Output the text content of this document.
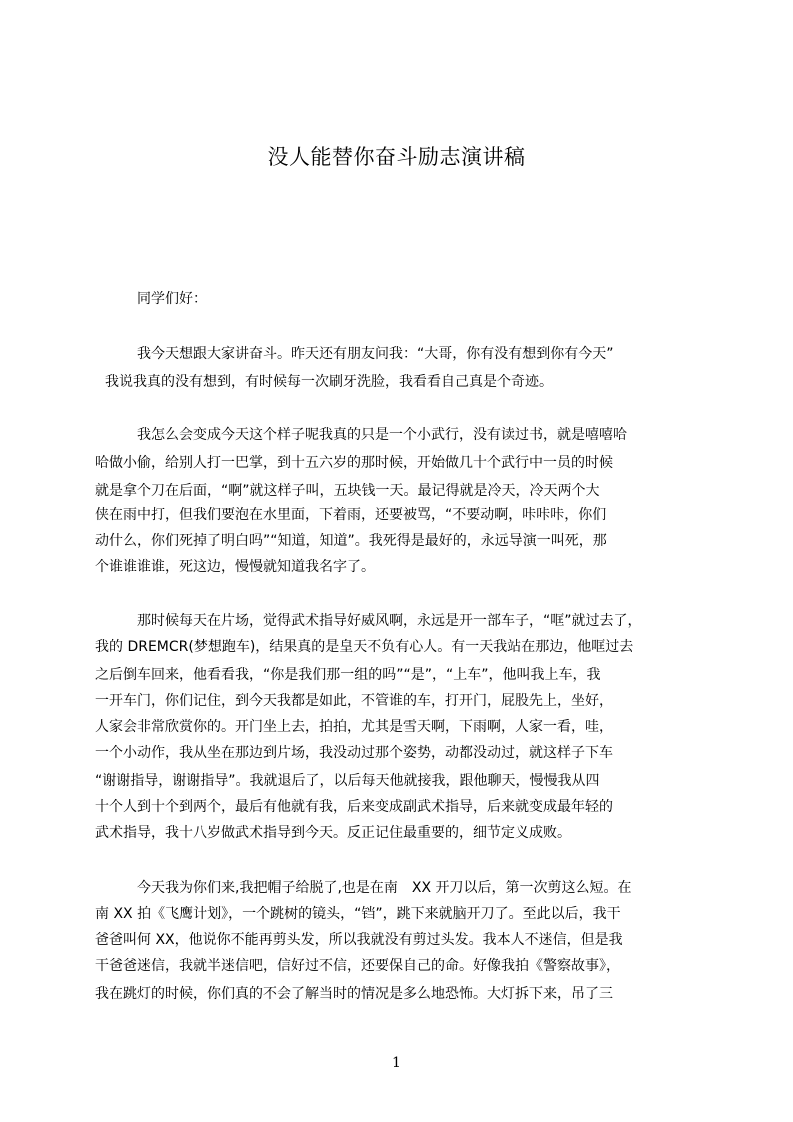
没人能替你奋斗励志演讲稿
同学们好：
我今天想跟大家讲奋斗。昨天还有朋友问我：“大哥，你有没有想到你有今天”
我说我真的没有想到，有时候每一次刷牙洗脸，我看看自己真是个奇迹。
我怎么会变成今天这个样子呢我真的只是一个小武行，没有读过书，就是嘻嘻哈
哈做小偷，给别人打一巴掌，到十五六岁的那时候，开始做几十个武行中一员的时候
就是拿个刀在后面，“啊”就这样子叫，五块钱一天。最记得就是冷天，冷天两个大
侠在雨中打，但我们要泡在水里面，下着雨，还要被骂，“不要动啊，咔咔咔，你们
动什么，你们死掉了明白吗”“知道，知道”。我死得是最好的，永远导演一叫死，那
个谁谁谁谁，死这边，慢慢就知道我名字了。
那时候每天在片场，觉得武术指导好威风啊，永远是开一部车子，“哐”就过去了，
我的 DREMCR(梦想跑车)，结果真的是皇天不负有心人。有一天我站在那边，他哐过去
之后倒车回来，他看看我，“你是我们那一组的吗”“是”，“上车”，他叫我上车，我
一开车门，你们记住，到今天我都是如此，不管谁的车，打开门，屁股先上，坐好，
人家会非常欣赏你的。开门坐上去，拍拍，尤其是雪天啊，下雨啊，人家一看，哇，
一个小动作，我从坐在那边到片场，我没动过那个姿势，动都没动过，就这样子下车
“谢谢指导，谢谢指导”。我就退后了，以后每天他就接我，跟他聊天，慢慢我从四
十个人到十个到两个，最后有他就有我，后来变成副武术指导，后来就变成最年轻的
武术指导，我十八岁做武术指导到今天。反正记住最重要的，细节定义成败。
今天我为你们来,我把帽子给脱了,也是在南　XX 开刀以后，第一次剪这么短。在
南 XX 拍《飞鹰计划》，一个跳树的镜头，“铛”，跳下来就脑开刀了。至此以后，我干
爸爸叫何 XX，他说你不能再剪头发，所以我就没有剪过头发。我本人不迷信，但是我
干爸爸迷信，我就半迷信吧，信好过不信，还要保自己的命。好像我拍《警察故事》，
我在跳灯的时候，你们真的不会了解当时的情况是多么地恐怖。大灯拆下来，吊了三
1
